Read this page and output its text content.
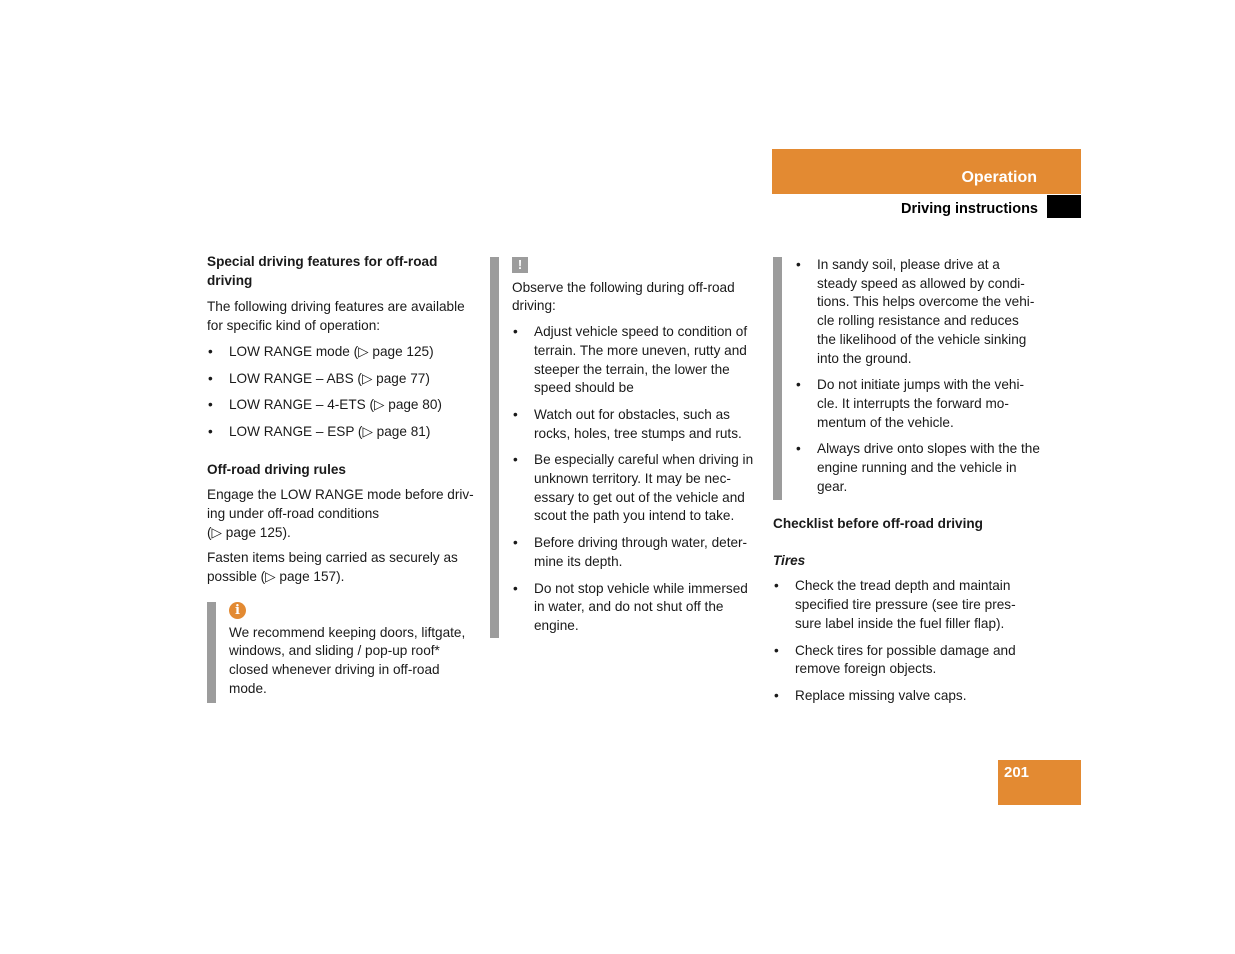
Operation
Driving instructions

Special driving features for off-road driving

The following driving features are available for specific kind of operation:

• LOW RANGE mode (▷ page 125)
• LOW RANGE – ABS (▷ page 77)
• LOW RANGE – 4-ETS (▷ page 80)
• LOW RANGE – ESP (▷ page 81)

Off-road driving rules

Engage the LOW RANGE mode before driv-
ing under off-road conditions
(▷ page 125).

Fasten items being carried as securely as possible (▷ page 157).

i

We recommend keeping doors, liftgate, windows, and sliding / pop-up roof* closed whenever driving in off-road mode.

!

Observe the following during off-road driving:

• Adjust vehicle speed to condition of terrain. The more uneven, rutty and steeper the terrain, the lower the speed should be
• Watch out for obstacles, such as rocks, holes, tree stumps and ruts.
• Be especially careful when driving in unknown territory. It may be nec-essary to get out of the vehicle and scout the path you intend to take.
• Before driving through water, deter-mine its depth.
• Do not stop vehicle while immersed in water, and do not shut off the engine.
• In sandy soil, please drive at a steady speed as allowed by condi-tions. This helps overcome the vehi-cle rolling resistance and reduces the likelihood of the vehicle sinking into the ground.
• Do not initiate jumps with the vehi-cle. It interrupts the forward mo-mentum of the vehicle.
• Always drive onto slopes with the the engine running and the vehicle in gear.

Checklist before off-road driving

Tires

• Check the tread depth and maintain specified tire pressure (see tire pres-sure label inside the fuel filler flap).
• Check tires for possible damage and remove foreign objects.
• Replace missing valve caps.
201
